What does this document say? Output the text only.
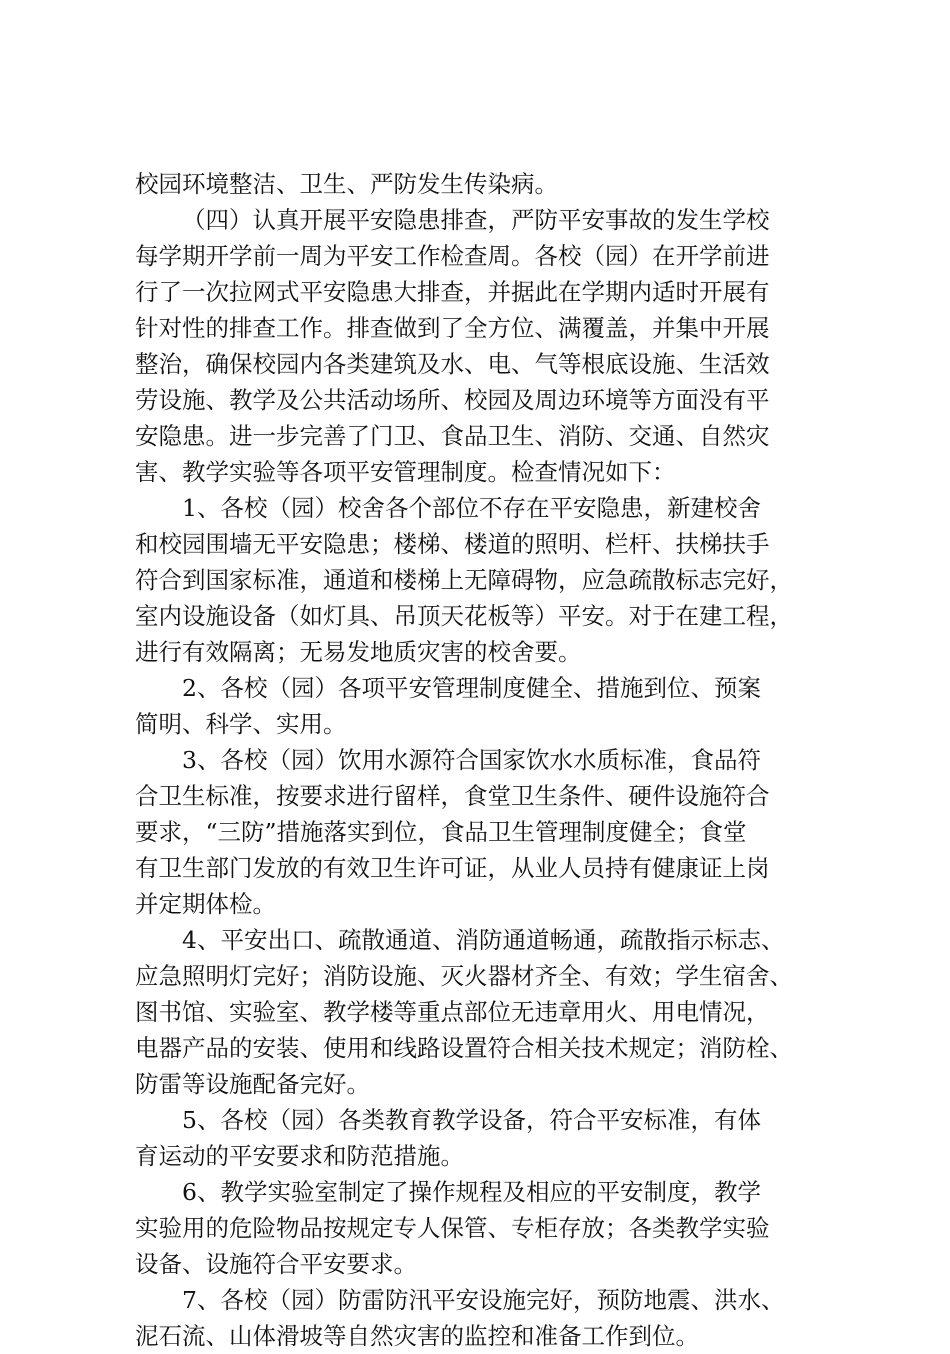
校园环境整洁、卫生、严防发生传染病。

（四）认真开展平安隐患排查，严防平安事故的发生学校
每学期开学前一周为平安工作检查周。各校（园）在开学前进
行了一次拉网式平安隐患大排查，并据此在学期内适时开展有
针对性的排查工作。排查做到了全方位、满覆盖，并集中开展
整治，确保校园内各类建筑及水、电、气等根底设施、生活效
劳设施、教学及公共活动场所、校园及周边环境等方面没有平
安隐患。进一步完善了门卫、食品卫生、消防、交通、自然灾
害、教学实验等各项平安管理制度。检查情况如下：

1、各校（园）校舍各个部位不存在平安隐患，新建校舍
和校园围墙无平安隐患；楼梯、楼道的照明、栏杆、扶梯扶手
符合到国家标准，通道和楼梯上无障碍物，应急疏散标志完好，
室内设施设备（如灯具、吊顶天花板等）平安。对于在建工程，
进行有效隔离；无易发地质灾害的校舍要。

2、各校（园）各项平安管理制度健全、措施到位、预案
简明、科学、实用。

3、各校（园）饮用水源符合国家饮水水质标准，食品符
合卫生标准，按要求进行留样，食堂卫生条件、硬件设施符合
要求，“三防”措施落实到位，食品卫生管理制度健全；食堂
有卫生部门发放的有效卫生许可证，从业人员持有健康证上岗
并定期体检。

4、平安出口、疏散通道、消防通道畅通，疏散指示标志、
应急照明灯完好；消防设施、灭火器材齐全、有效；学生宿舍、
图书馆、实验室、教学楼等重点部位无违章用火、用电情况，
电器产品的安装、使用和线路设置符合相关技术规定；消防栓、
防雷等设施配备完好。

5、各校（园）各类教育教学设备，符合平安标准，有体
育运动的平安要求和防范措施。

6、教学实验室制定了操作规程及相应的平安制度，教学
实验用的危险物品按规定专人保管、专柜存放；各类教学实验
设备、设施符合平安要求。

7、各校（园）防雷防汛平安设施完好，预防地震、洪水、
泥石流、山体滑坡等自然灾害的监控和准备工作到位。
